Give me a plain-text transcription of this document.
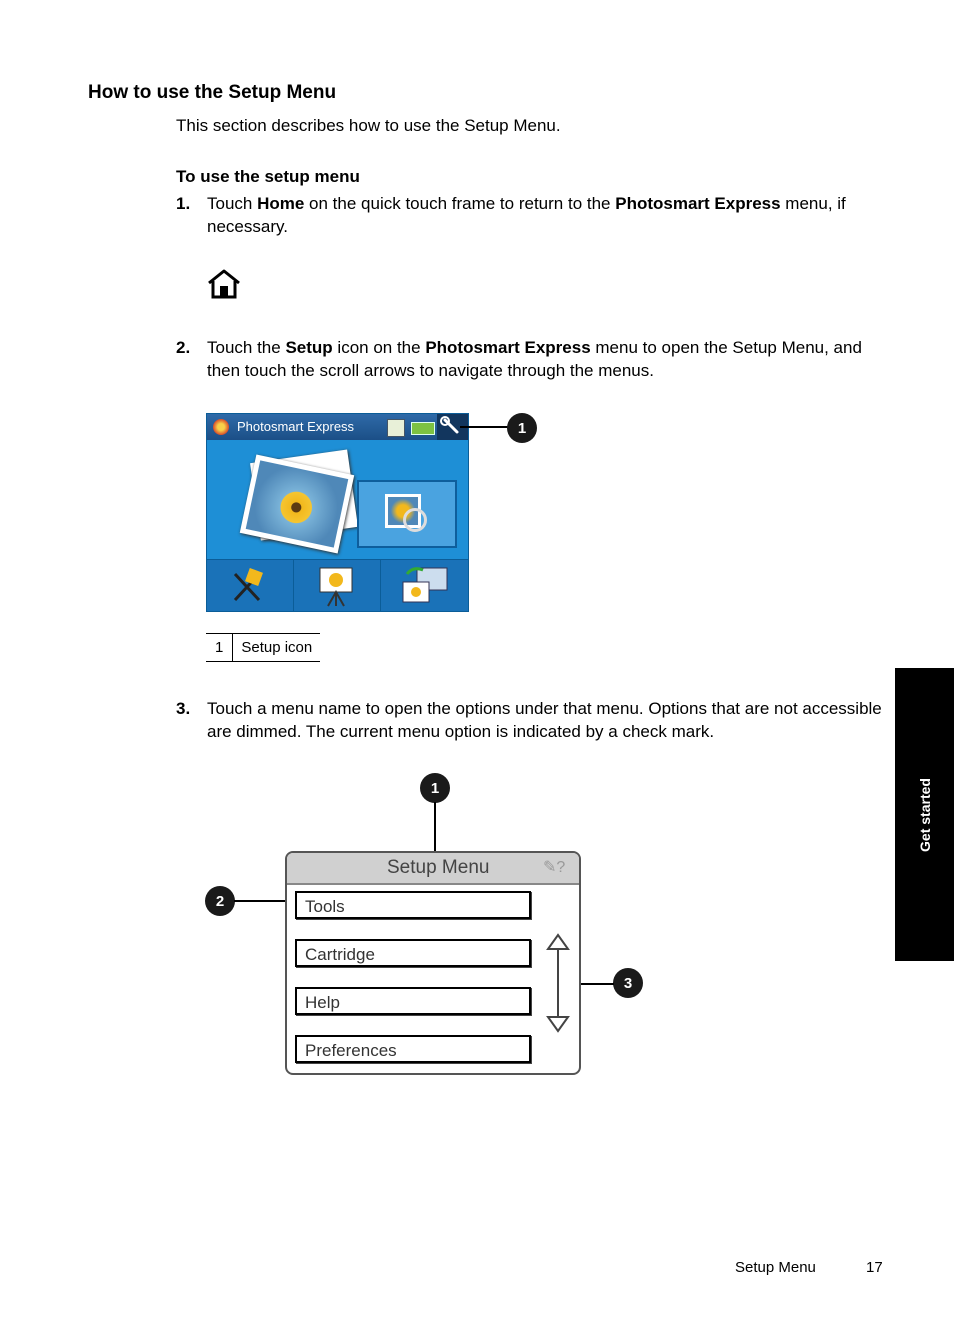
How to use the Setup Menu
This section describes how to use the Setup Menu.
To use the setup menu
1. Touch Home on the quick touch frame to return to the Photosmart Express menu, if necessary.
2. Touch the Setup icon on the Photosmart Express menu to open the Setup Menu, and then touch the scroll arrows to navigate through the menus.
Photosmart Express	1
1	Setup icon
3. Touch a menu name to open the options under that menu. Options that are not accessible are dimmed. The current menu option is indicated by a check mark.
1
2
3
Setup Menu	✎?
Tools
Cartridge
Help
Preferences
Get started
Setup Menu	17
